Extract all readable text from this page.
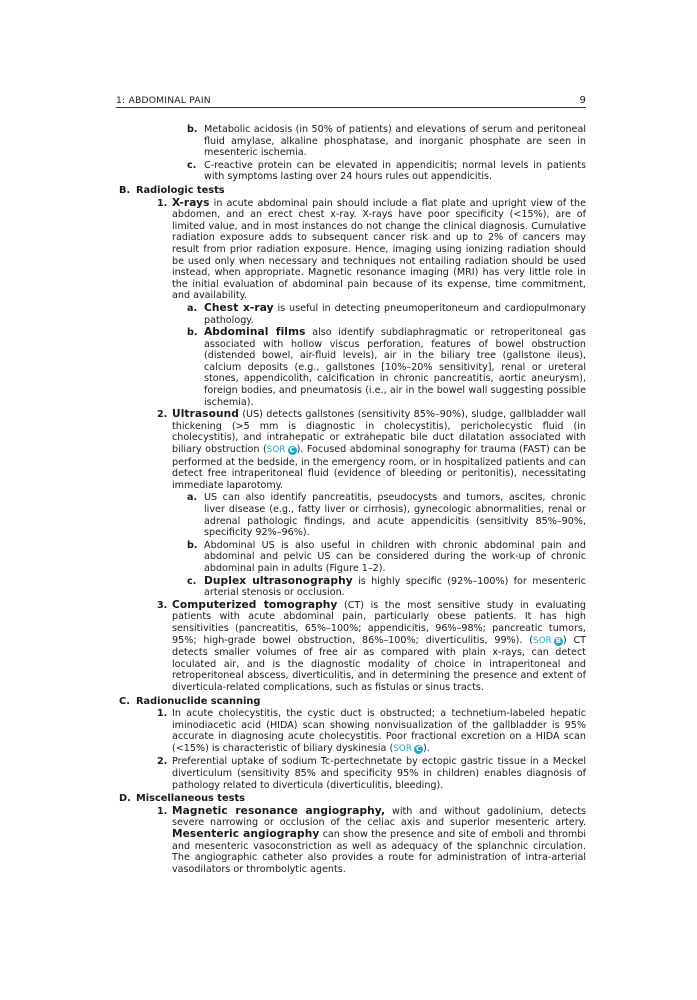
1: ABDOMINAL PAIN	9
b. Metabolic acidosis (in 50% of patients) and elevations of serum and peritoneal fluid amylase, alkaline phosphatase, and inorganic phosphate are seen in mesenteric ischemia.
c. C-reactive protein can be elevated in appendicitis; normal levels in patients with symptoms lasting over 24 hours rules out appendicitis.
B. Radiologic tests
1. X-rays in acute abdominal pain should include a flat plate and upright view of the abdomen, and an erect chest x-ray. X-rays have poor specificity (<15%), are of limited value, and in most instances do not change the clinical diagnosis. Cumulative radiation exposure adds to subsequent cancer risk and up to 2% of cancers may result from prior radiation exposure. Hence, imaging using ionizing radiation should be used only when necessary and techniques not entailing radiation should be used instead, when appropriate. Magnetic resonance imaging (MRI) has very little role in the initial evaluation of abdominal pain because of its expense, time commitment, and availability.
a. Chest x-ray is useful in detecting pneumoperitoneum and cardiopulmonary pathology.
b. Abdominal films also identify subdiaphragmatic or retroperitoneal gas associated with hollow viscus perforation, features of bowel obstruction (distended bowel, air-fluid levels), air in the biliary tree (gallstone ileus), calcium deposits (e.g., gallstones [10%–20% sensitivity], renal or ureteral stones, appendicolith, calcification in chronic pancreatitis, aortic aneurysm), foreign bodies, and pneumatosis (i.e., air in the bowel wall suggesting possible ischemia).
2. Ultrasound (US) detects gallstones (sensitivity 85%–90%), sludge, gallbladder wall thickening (>5 mm is diagnostic in cholecystitis), pericholecystic fluid (in cholecystitis), and intrahepatic or extrahepatic bile duct dilatation associated with biliary obstruction (SOR C ). Focused abdominal sonography for trauma (FAST) can be performed at the bedside, in the emergency room, or in hospitalized patients and can detect free intraperitoneal fluid (evidence of bleeding or peritonitis), necessitating immediate laparotomy.
a. US can also identify pancreatitis, pseudocysts and tumors, ascites, chronic liver disease (e.g., fatty liver or cirrhosis), gynecologic abnormalities, renal or adrenal pathologic findings, and acute appendicitis (sensitivity 85%–90%, specificity 92%–96%).
b. Abdominal US is also useful in children with chronic abdominal pain and abdominal and pelvic US can be considered during the work-up of chronic abdominal pain in adults (Figure 1–2).
c. Duplex ultrasonography is highly specific (92%–100%) for mesenteric arterial stenosis or occlusion.
3. Computerized tomography (CT) is the most sensitive study in evaluating patients with acute abdominal pain, particularly obese patients. It has high sensitivities (pancreatitis, 65%–100%; appendicitis, 96%–98%; pancreatic tumors, 95%; high-grade bowel obstruction, 86%–100%; diverticulitis, 99%). (SOR B ) CT detects smaller volumes of free air as compared with plain x-rays, can detect loculated air, and is the diagnostic modality of choice in intraperitoneal and retroperitoneal abscess, diverticulitis, and in determining the presence and extent of diverticula-related complications, such as fistulas or sinus tracts.
C. Radionuclide scanning
1. In acute cholecystitis, the cystic duct is obstructed; a technetium-labeled hepatic iminodiacetic acid (HIDA) scan showing nonvisualization of the gallbladder is 95% accurate in diagnosing acute cholecystitis. Poor fractional excretion on a HIDA scan (<15%) is characteristic of biliary dyskinesia (SOR C ).
2. Preferential uptake of sodium Tc-pertechnetate by ectopic gastric tissue in a Meckel diverticulum (sensitivity 85% and specificity 95% in children) enables diagnosis of pathology related to diverticula (diverticulitis, bleeding).
D. Miscellaneous tests
1. Magnetic resonance angiography, with and without gadolinium, detects severe narrowing or occlusion of the celiac axis and superior mesenteric artery. Mesenteric angiography can show the presence and site of emboli and thrombi and mesenteric vasoconstriction as well as adequacy of the splanchnic circulation. The angiographic catheter also provides a route for administration of intra-arterial vasodilators or thrombolytic agents.
